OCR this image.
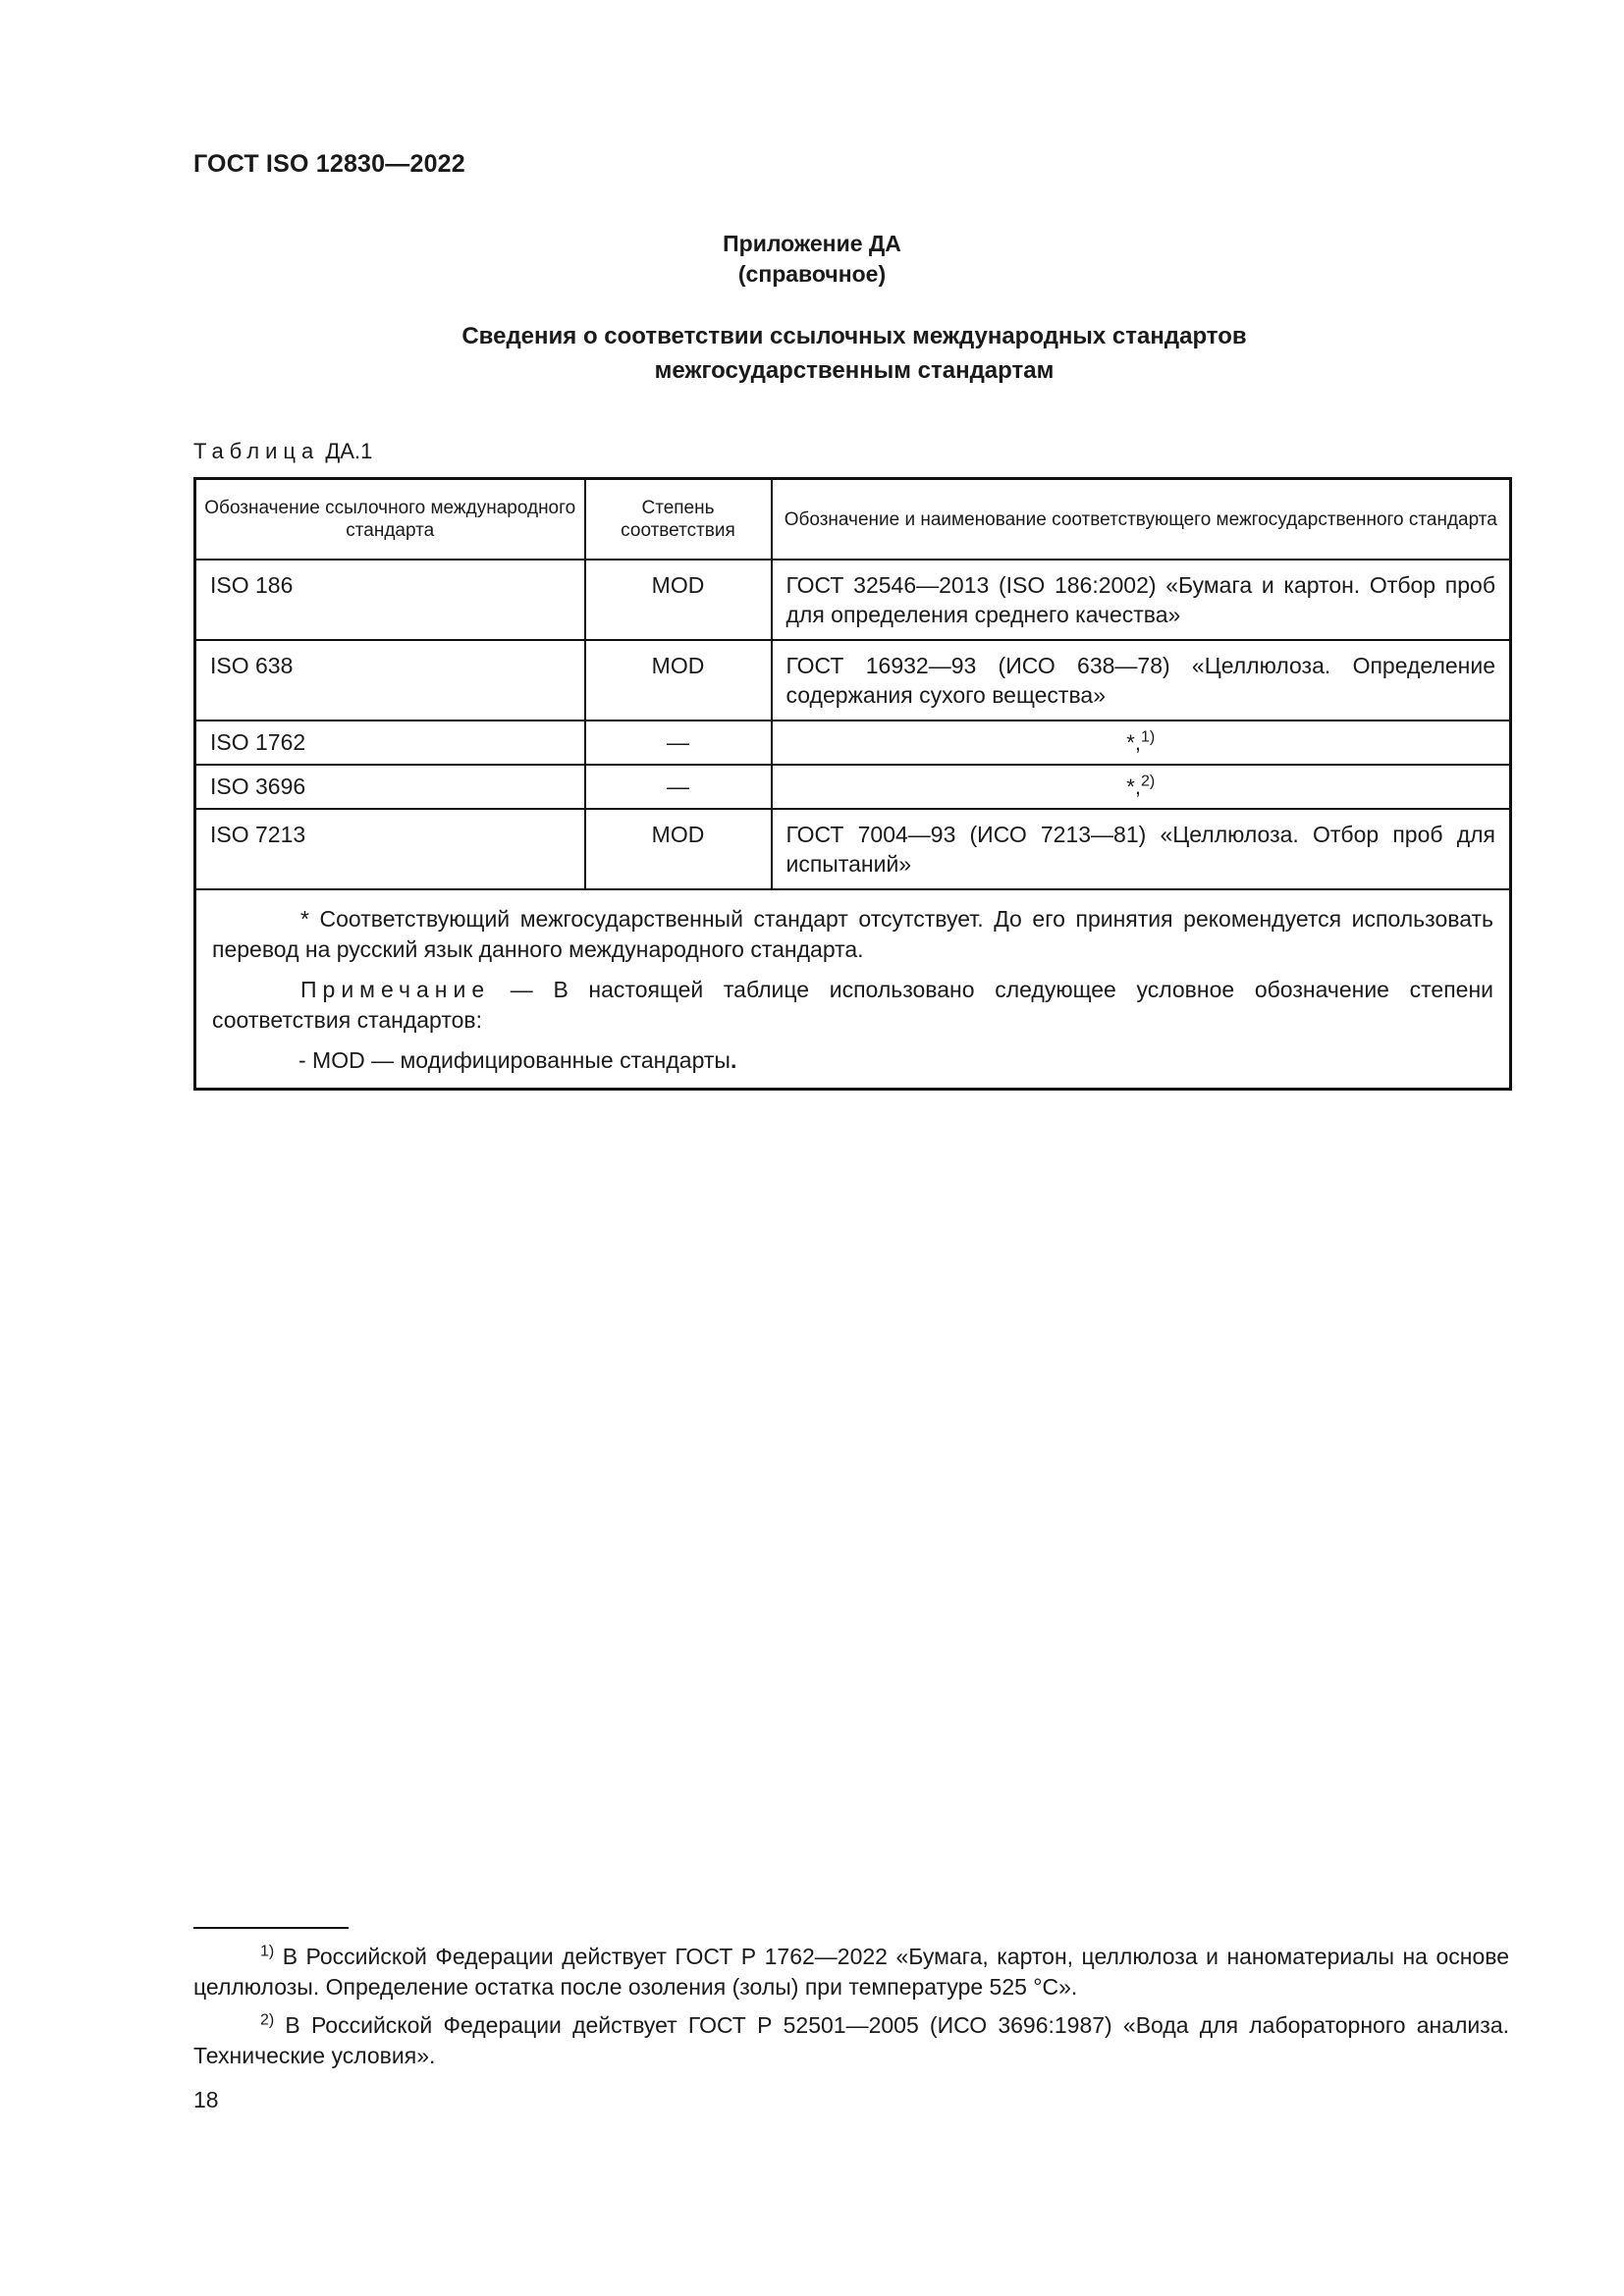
ГОСТ ISO 12830—2022
Приложение ДА
(справочное)
Сведения о соответствии ссылочных международных стандартов
межгосударственным стандартам
Таблица ДА.1
Обозначение ссылочного международного стандарта	Степень соответствия	Обозначение и наименование соответствующего межгосударственного стандарта
ISO 186	MOD	ГОСТ 32546—2013 (ISO 186:2002) «Бумага и картон. Отбор проб для определения среднего качества»
ISO 638	MOD	ГОСТ 16932—93 (ИСО 638—78) «Целлюлоза. Определение содержания сухого вещества»
ISO 1762	—	*,$^{1)}$
ISO 3696	—	*,$^{2)}$
ISO 7213	MOD	ГОСТ 7004—93 (ИСО 7213—81) «Целлюлоза. Отбор проб для испытаний»

* Соответствующий межгосударственный стандарт отсутствует. До его принятия рекомендуется использовать перевод на русский язык данного международного стандарта.

Примечание — В настоящей таблице использовано следующее условное обозначение степени соответствия стандартов:

- MOD — модифицированные стандарты.		

$^{1)}$ В Российской Федерации действует ГОСТ Р 1762—2022 «Бумага, картон, целлюлоза и наноматериалы на основе целлюлозы. Определение остатка после озоления (золы) при температуре 525 °C».
$^{2)}$ В Российской Федерации действует ГОСТ Р 52501—2005 (ИСО 3696:1987) «Вода для лабораторного анализа. Технические условия».
18
